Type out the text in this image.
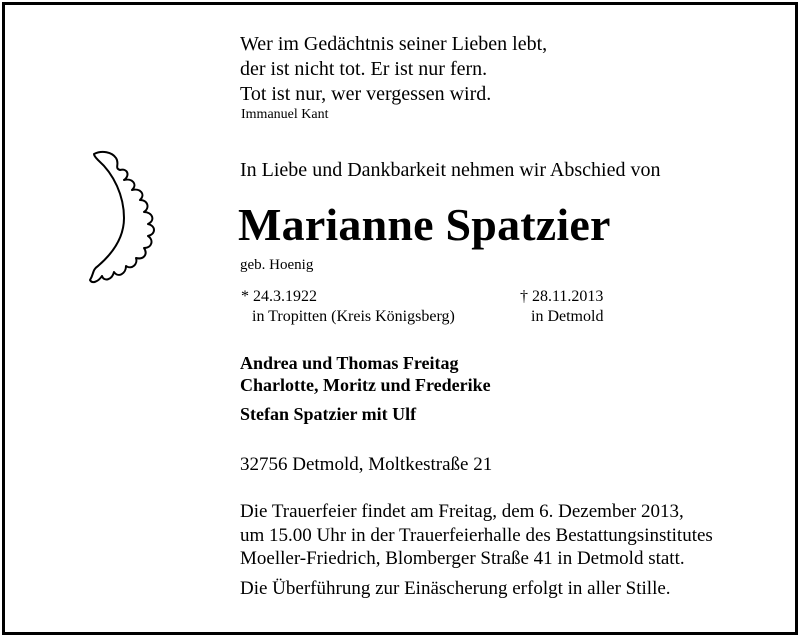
Wer im Gedächtnis seiner Lieben lebt,
der ist nicht tot. Er ist nur fern.
Tot ist nur, wer vergessen wird.
Immanuel Kant
In Liebe und Dankbarkeit nehmen wir Abschied von
Marianne Spatzier
geb. Hoenig
* 24.3.1922
in Tropitten (Kreis Königsberg)
† 28.11.2013
in Detmold
Andrea und Thomas Freitag
Charlotte, Moritz und Frederike
Stefan Spatzier mit Ulf
32756 Detmold, Moltkestraße 21
Die Trauerfeier findet am Freitag, dem 6. Dezember 2013,
um 15.00 Uhr in der Trauerfeierhalle des Bestattungsinstitutes
Moeller-Friedrich, Blomberger Straße 41 in Detmold statt.
Die Überführung zur Einäscherung erfolgt in aller Stille.
